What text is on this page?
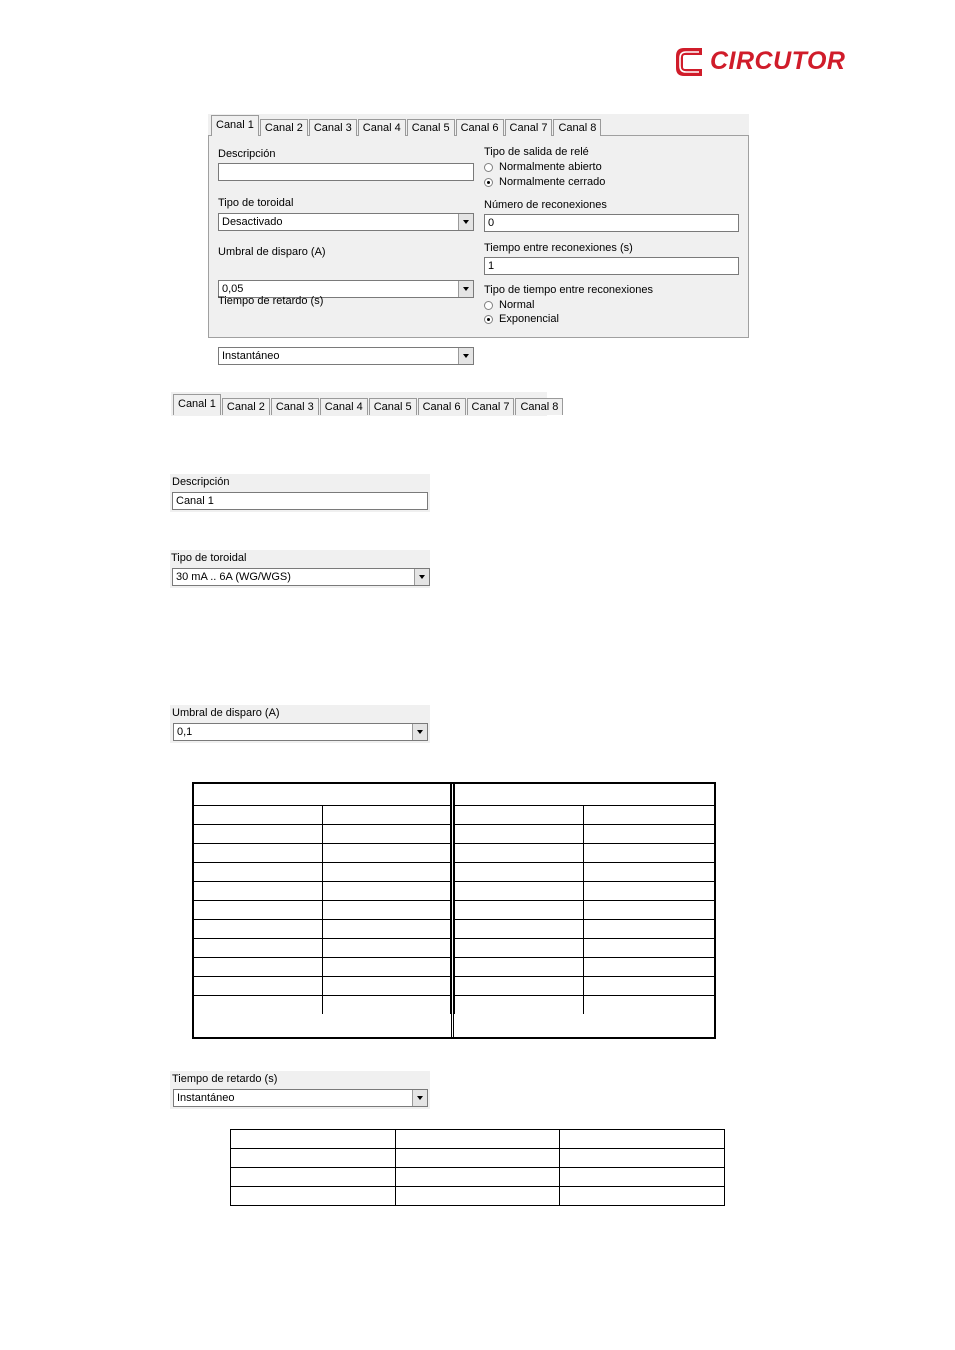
CIRCUTOR
Canal 1	Canal 2	Canal 3	Canal 4	Canal 5	Canal 6	Canal 7	Canal 8
Descripción
Tipo de toroidal
Desactivado
Umbral de disparo (A)
0,05
Tiempo de retardo (s)
Instantáneo
Tipo de salida de relé
Normalmente abierto
Normalmente cerrado
Número de reconexiones
0
Tiempo entre reconexiones (s)
1
Tipo de tiempo entre reconexiones
Normal
Exponencial
Canal 1	Canal 2	Canal 3	Canal 4	Canal 5	Canal 6	Canal 7	Canal 8
Descripción
Canal 1
Tipo de toroidal
30 mA .. 6A (WG/WGS)
Umbral de disparo (A)
0,1

Tiempo de retardo (s)
Instantáneo
